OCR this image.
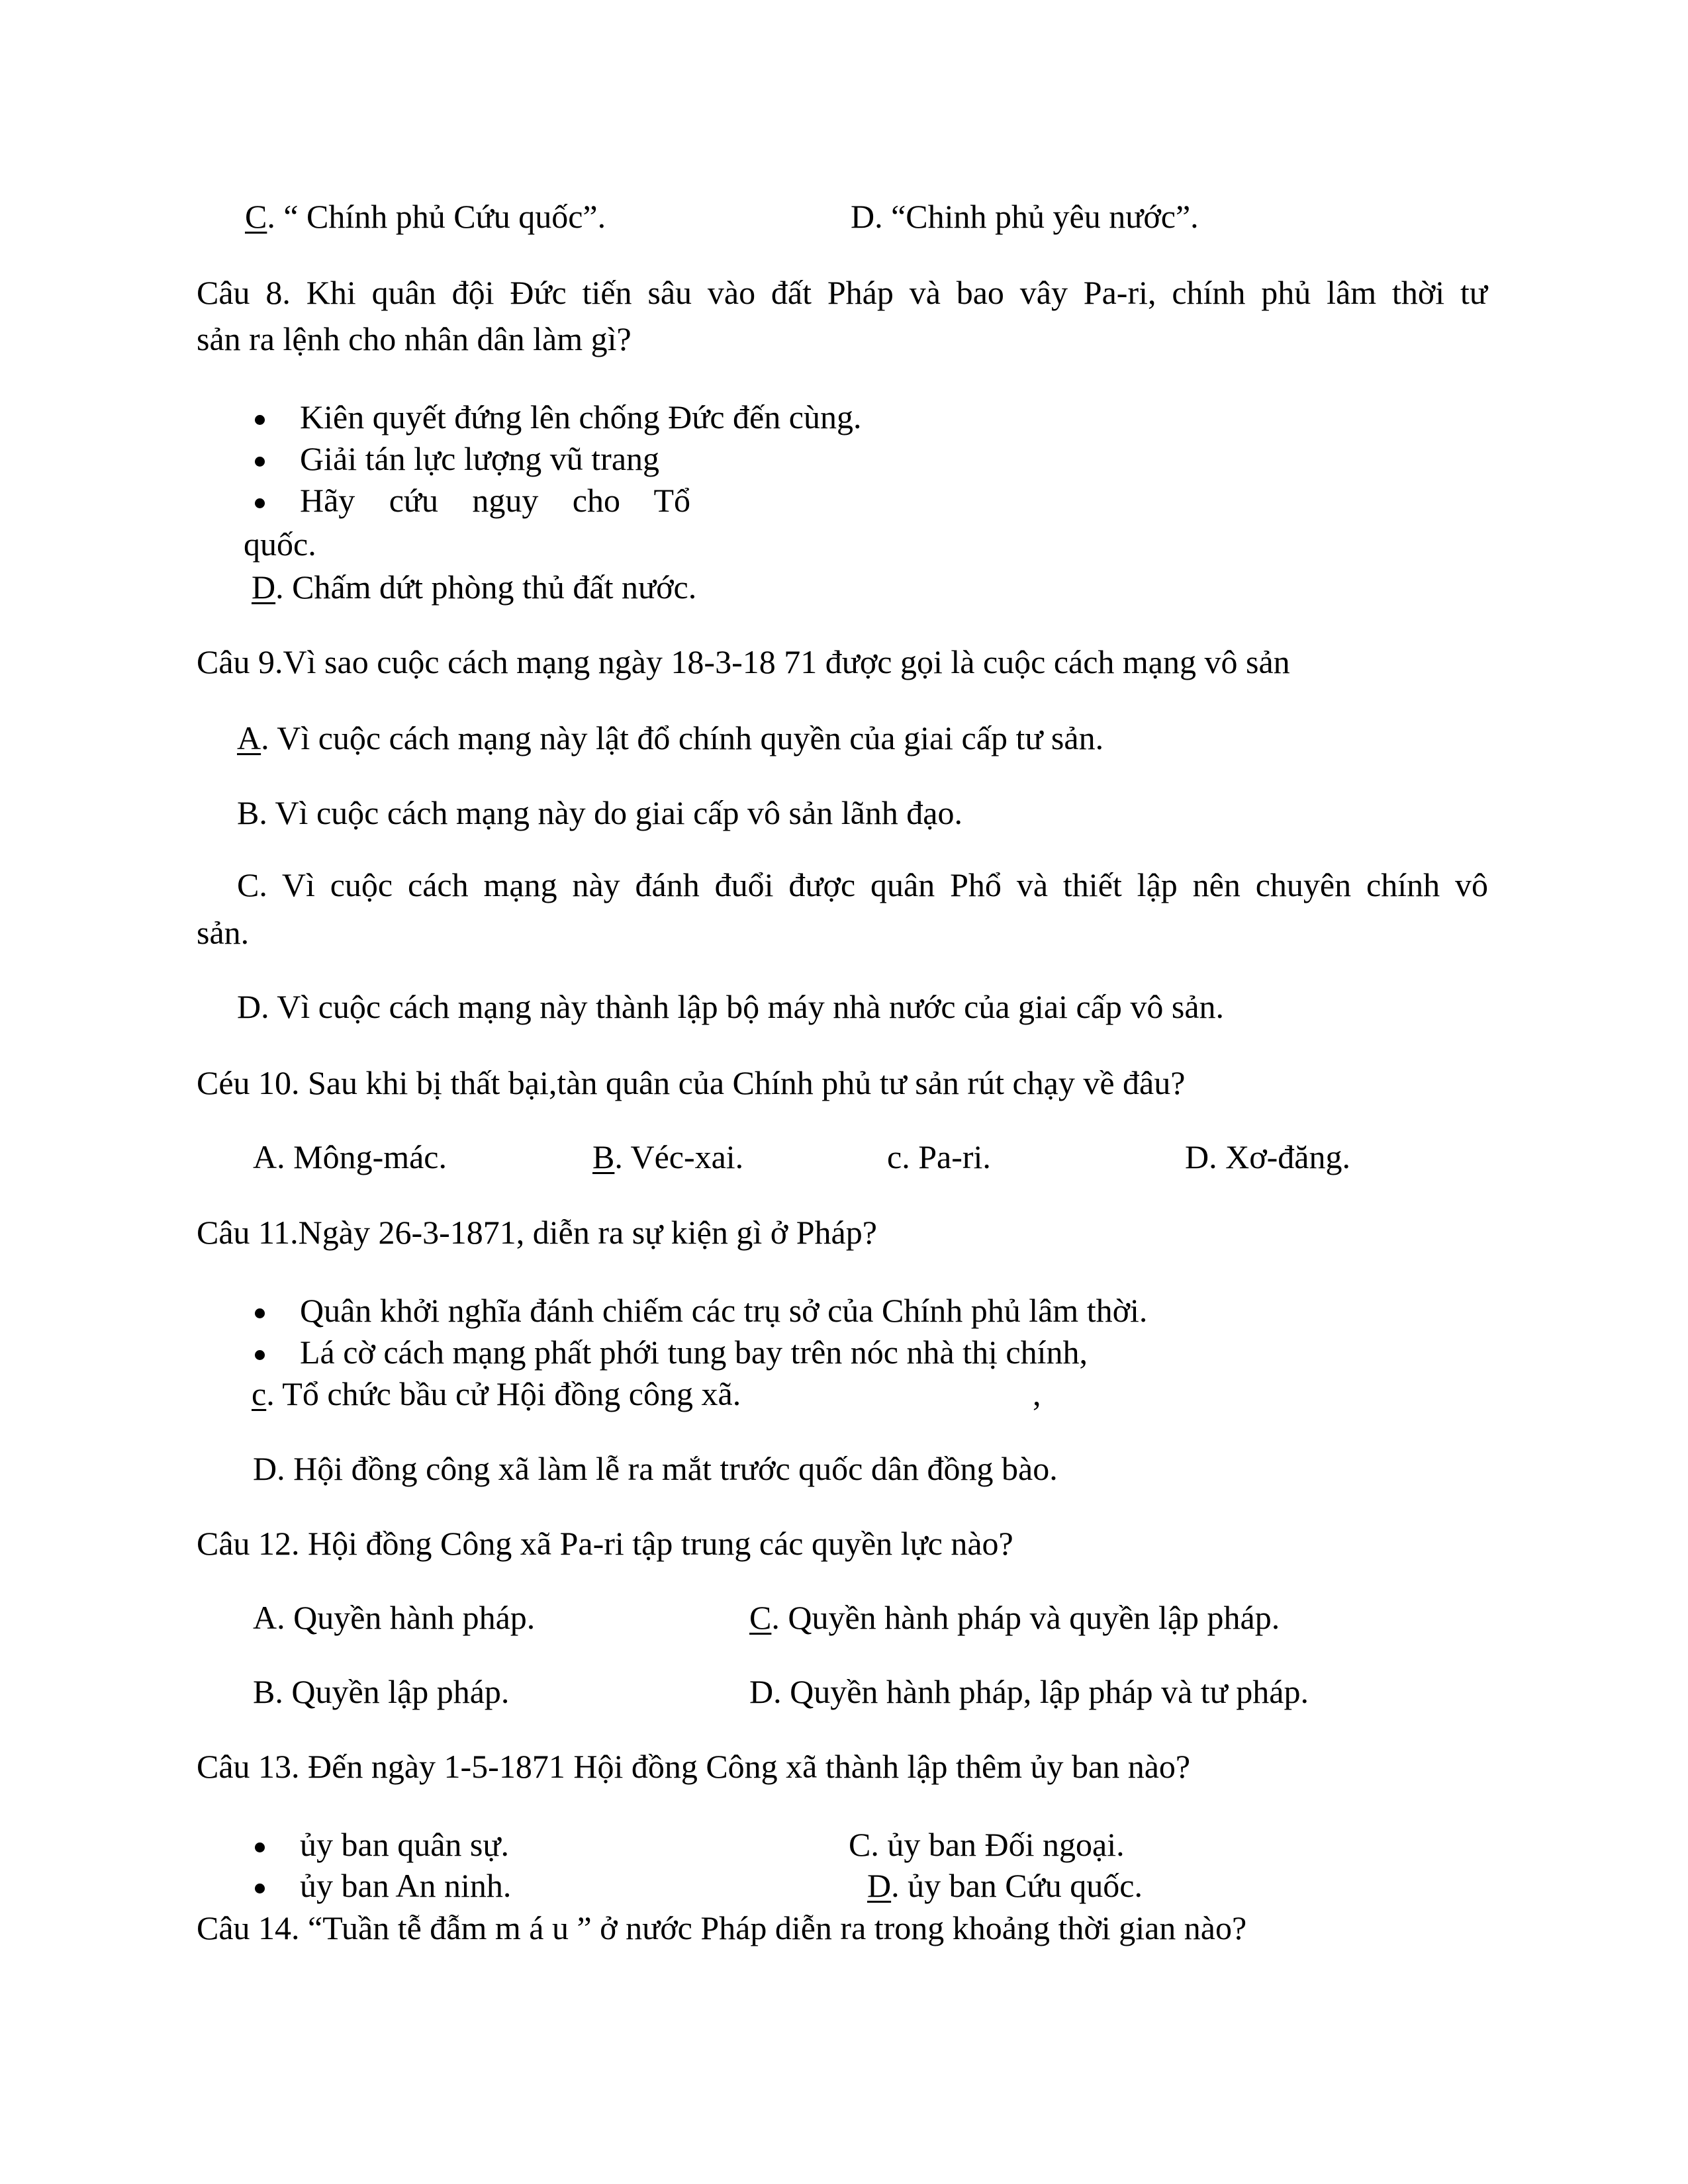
C. “ Chính phủ Cứu quốc”.	D. “Chinh phủ yêu nước”.
Câu 8. Khi quân đội Đức tiến sâu vào đất Pháp và bao vây Pa-ri, chính phủ lâm thời tư
sản ra lệnh cho nhân dân làm gì?
Kiên quyết đứng lên chống Đức đến cùng.
Giải tán lực lượng vũ trang
Hãy cứu nguy cho Tổ
quốc.
D. Chấm dứt phòng thủ đất nước.
Câu 9.Vì sao cuộc cách mạng ngày 18-3-18 71 được gọi là cuộc cách mạng vô sản
A. Vì cuộc cách mạng này lật đổ chính quyền của giai cấp tư sản.
B. Vì cuộc cách mạng này do giai cấp vô sản lãnh đạo.
C. Vì cuộc cách mạng này đánh đuổi được quân Phổ và thiết lập nên chuyên chính vô
sản.
D. Vì cuộc cách mạng này thành lập bộ máy nhà nước của giai cấp vô sản.
Céu 10. Sau khi bị thất bại,tàn quân của Chính phủ tư sản rút chạy về đâu?
A. Mông-mác.	B. Véc-xai.	c. Pa-ri.	D. Xơ-đăng.
Câu 11.Ngày 26-3-1871, diễn ra sự kiện gì ở Pháp?
Quân khởi nghĩa đánh chiếm các trụ sở của Chính phủ lâm thời.
Lá cờ cách mạng phất phới tung bay trên nóc nhà thị chính,
c. Tổ chức bầu cử Hội đồng công xã.	,
D. Hội đồng công xã làm lễ ra mắt trước quốc dân đồng bào.
Câu 12. Hội đồng Công xã Pa-ri tập trung các quyền lực nào?
A. Quyền hành pháp.	C. Quyền hành pháp và quyền lập pháp.
B. Quyền lập pháp.	D. Quyền hành pháp, lập pháp và tư pháp.
Câu 13. Đến ngày 1-5-1871 Hội đồng Công xã thành lập thêm ủy ban nào?
ủy ban quân sự.	C. ủy ban Đối ngoại.
ủy ban An ninh.	D. ủy ban Cứu quốc.
Câu 14. “Tuần tễ đẫm m á u ” ở nước Pháp diễn ra trong khoảng thời gian nào?
